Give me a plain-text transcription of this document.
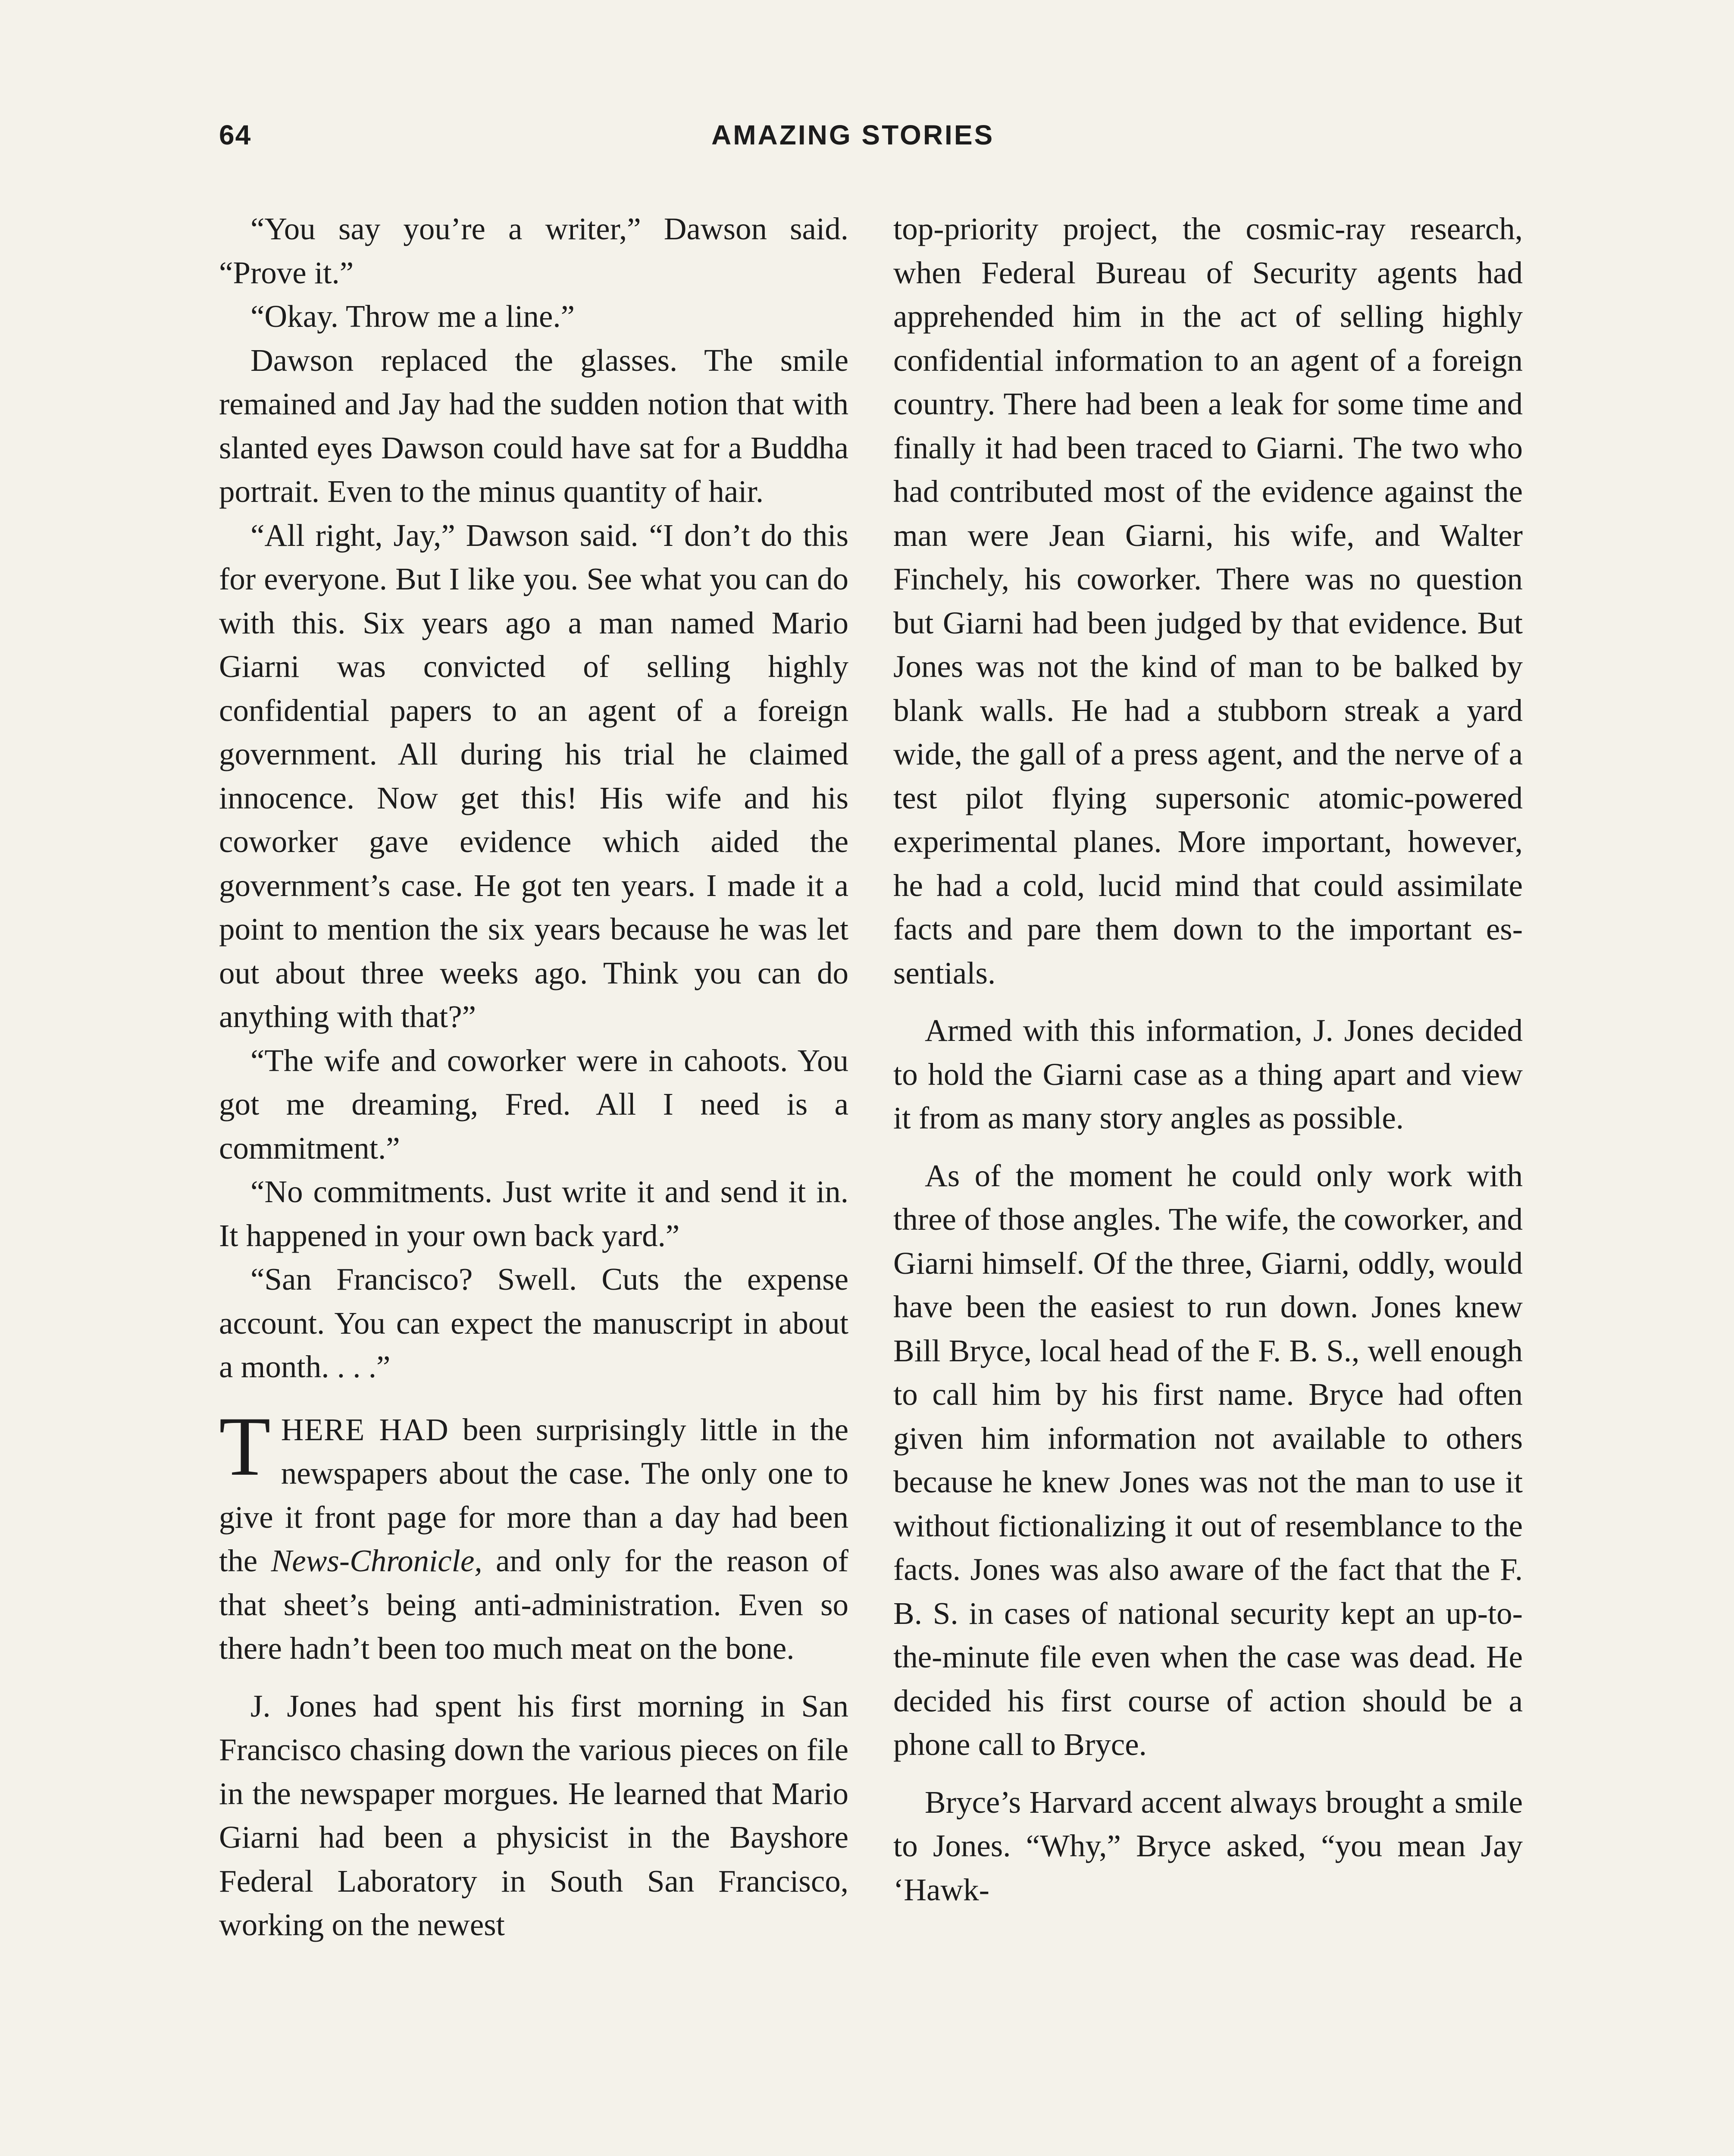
64	AMAZING STORIES

“You say you’re a writer,” Dawson said. “Prove it.”

“Okay. Throw me a line.”

Dawson replaced the glasses. The smile remained and Jay had the sudden notion that with slanted eyes Dawson could have sat for a Buddha portrait. Even to the minus quantity of hair.

“All right, Jay,” Dawson said. “I don’t do this for everyone. But I like you. See what you can do with this. Six years ago a man named Mario Giarni was convicted of selling highly confidential papers to an agent of a foreign government. All during his trial he claimed innocence. Now get this! His wife and his coworker gave evidence which aided the government’s case. He got ten years. I made it a point to mention the six years because he was let out about three weeks ago. Think you can do anything with that?”

“The wife and coworker were in cahoots. You got me dreaming, Fred. All I need is a commitment.”

“No commitments. Just write it and send it in. It happened in your own back yard.”

“San Francisco? Swell. Cuts the expense account. You can expect the manuscript in about a month. . . .”

THERE HAD been surprisingly little in the newspapers about the case. The only one to give it front page for more than a day had been the News-Chronicle, and only for the reason of that sheet’s being anti-administration. Even so there hadn’t been too much meat on the bone.

J. Jones had spent his first morning in San Francisco chasing down the various pieces on file in the newspaper morgues. He learned that Mario Giarni had been a physicist in the Bayshore Federal Laboratory in South San Francisco, working on the newest

top-priority project, the cosmic-ray research, when Federal Bureau of Security agents had apprehended him in the act of selling highly confidential information to an agent of a foreign country. There had been a leak for some time and finally it had been traced to Giarni. The two who had contributed most of the evidence against the man were Jean Giarni, his wife, and Walter Finchely, his coworker. There was no question but Giarni had been judged by that evidence. But Jones was not the kind of man to be balked by blank walls. He had a stubborn streak a yard wide, the gall of a press agent, and the nerve of a test pilot flying supersonic atomic-powered experimental planes. More important, however, he had a cold, lucid mind that could assimilate facts and pare them down to the important essentials.

Armed with this information, J. Jones decided to hold the Giarni case as a thing apart and view it from as many story angles as possible.

As of the moment he could only work with three of those angles. The wife, the coworker, and Giarni himself. Of the three, Giarni, oddly, would have been the easiest to run down. Jones knew Bill Bryce, local head of the F. B. S., well enough to call him by his first name. Bryce had often given him information not available to others because he knew Jones was not the man to use it without fictionalizing it out of resemblance to the facts. Jones was also aware of the fact that the F. B. S. in cases of national security kept an up-to-the-minute file even when the case was dead. He decided his first course of action should be a phone call to Bryce.

Bryce’s Harvard accent always brought a smile to Jones. “Why,” Bryce asked, “you mean Jay ‘Hawk-
